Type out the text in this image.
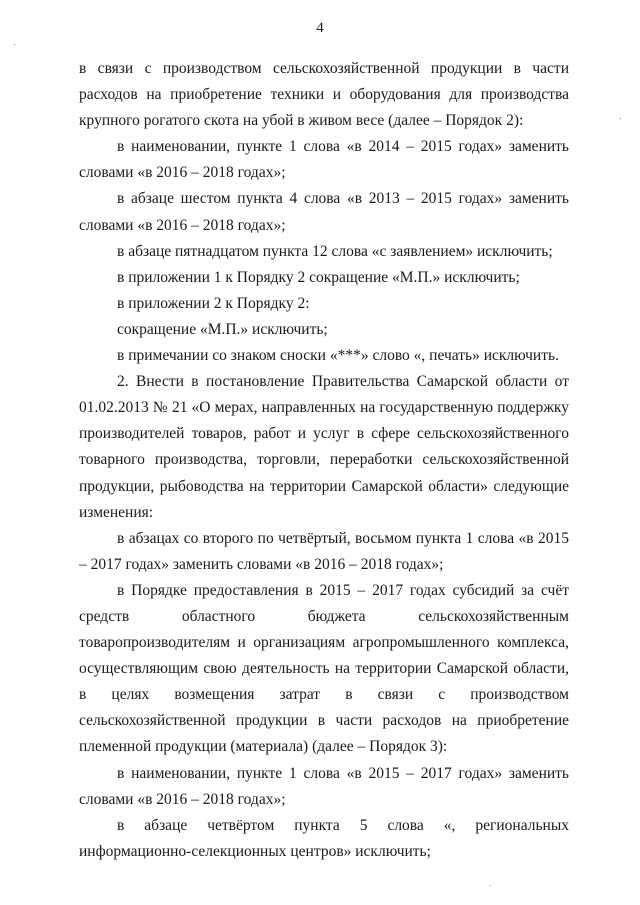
4

в связи с производством сельскохозяйственной продукции в части расходов на приобретение техники и оборудования для производства крупного рогатого скота на убой в живом весе (далее – Порядок 2):

в наименовании, пункте 1 слова «в 2014 – 2015 годах» заменить словами «в 2016 – 2018 годах»;

в абзаце шестом пункта 4 слова «в 2013 – 2015 годах» заменить словами «в 2016 – 2018 годах»;

в абзаце пятнадцатом пункта 12 слова «с заявлением» исключить;

в приложении 1 к Порядку 2 сокращение «М.П.» исключить;

в приложении 2 к Порядку 2:

сокращение «М.П.» исключить;

в примечании со знаком сноски «***» слово «, печать» исключить.

2. Внести в постановление Правительства Самарской области от 01.02.2013 № 21 «О мерах, направленных на государственную поддержку производителей товаров, работ и услуг в сфере сельскохозяйственного товарного производства, торговли, переработки сельскохозяйственной продукции, рыбоводства на территории Самарской области» следующие изменения:

в абзацах со второго по четвёртый, восьмом пункта 1 слова «в 2015 – 2017 годах» заменить словами «в 2016 – 2018 годах»;

в Порядке предоставления в 2015 – 2017 годах субсидий за счёт средств областного бюджета сельскохозяйственным товаропроизводителям и организациям агропромышленного комплекса, осуществляющим свою деятельность на территории Самарской области, в целях возмещения затрат в связи с производством сельскохозяйственной продукции в части расходов на приобретение племенной продукции (материала) (далее – Порядок 3):

в наименовании, пункте 1 слова «в 2015 – 2017 годах» заменить словами «в 2016 – 2018 годах»;

в абзаце четвёртом пункта 5 слова «, региональных информационно-селекционных центров» исключить;
